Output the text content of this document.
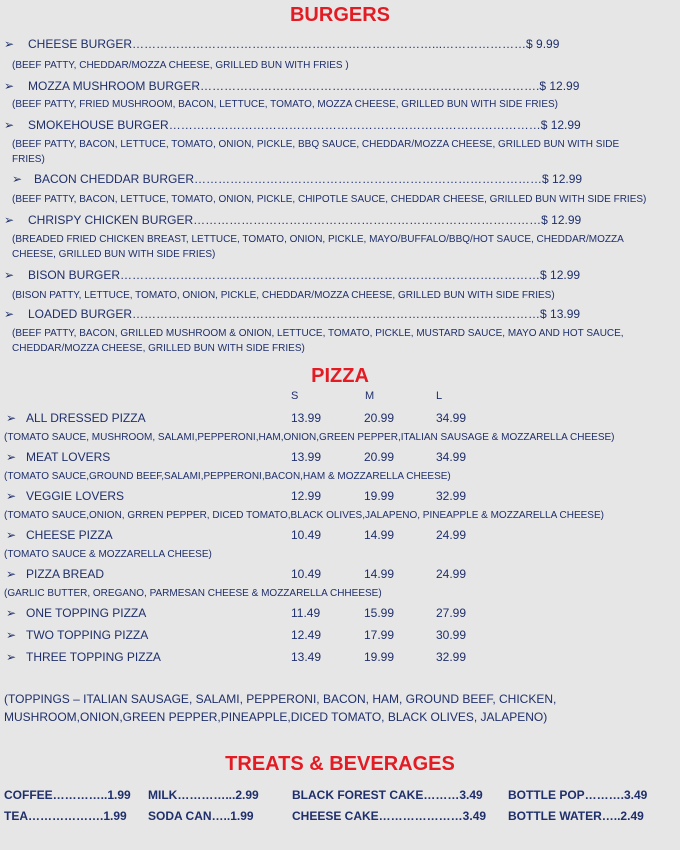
BURGERS
➢ CHEESE BURGER…………………………………………………………………...…………………$ 9.99
(BEEF PATTY, CHEDDAR/MOZZA CHEESE, GRILLED BUN WITH FRIES )
➢ MOZZA MUSHROOM BURGER………………………………………………………………………….$ 12.99
(BEEF PATTY, FRIED MUSHROOM, BACON, LETTUCE, TOMATO, MOZZA CHEESE, GRILLED BUN WITH SIDE FRIES)
➢ SMOKEHOUSE BURGER…………………………………………………………………………………$ 12.99
(BEEF PATTY, BACON, LETTUCE, TOMATO, ONION, PICKLE, BBQ SAUCE, CHEDDAR/MOZZA CHEESE, GRILLED BUN WITH SIDE FRIES)
➢ BACON CHEDDAR BURGER……………………………………………………………………………$ 12.99
(BEEF PATTY, BACON, LETTUCE, TOMATO, ONION, PICKLE, CHIPOTLE SAUCE, CHEDDAR CHEESE, GRILLED BUN WITH SIDE FRIES)
➢ CHRISPY CHICKEN BURGER……………………………………………………………………………$ 12.99
(BREADED FRIED CHICKEN BREAST, LETTUCE, TOMATO, ONION, PICKLE, MAYO/BUFFALO/BBQ/HOT SAUCE, CHEDDAR/MOZZA CHEESE, GRILLED BUN WITH SIDE FRIES)
➢ BISON BURGER……………………………………………………………………………………………$ 12.99
(BISON PATTY, LETTUCE, TOMATO, ONION, PICKLE, CHEDDAR/MOZZA CHEESE, GRILLED BUN WITH SIDE FRIES)
➢ LOADED BURGER…………………………………………………………………………………………$ 13.99
(BEEF PATTY, BACON, GRILLED MUSHROOM & ONION, LETTUCE, TOMATO, PICKLE, MUSTARD SAUCE, MAYO AND HOT SAUCE, CHEDDAR/MOZZA CHEESE, GRILLED BUN WITH SIDE FRIES)
PIZZA
S	M	L
➢ ALL DRESSED PIZZA	13.99	20.99	34.99
(TOMATO SAUCE, MUSHROOM, SALAMI,PEPPERONI,HAM,ONION,GREEN PEPPER,ITALIAN SAUSAGE & MOZZARELLA CHEESE)
➢ MEAT LOVERS	13.99	20.99	34.99
(TOMATO SAUCE,GROUND BEEF,SALAMI,PEPPERONI,BACON,HAM & MOZZARELLA CHEESE)
➢ VEGGIE LOVERS	12.99	19.99	32.99
(TOMATO SAUCE,ONION, GRREN PEPPER, DICED TOMATO,BLACK OLIVES,JALAPENO, PINEAPPLE & MOZZARELLA CHEESE)
➢ CHEESE PIZZA	10.49	14.99	24.99
(TOMATO SAUCE & MOZZARELLA CHEESE)
➢ PIZZA BREAD	10.49	14.99	24.99
(GARLIC BUTTER, OREGANO, PARMESAN CHEESE & MOZZARELLA CHHEESE)
➢ ONE TOPPING PIZZA	11.49	15.99	27.99
➢ TWO TOPPING PIZZA	12.49	17.99	30.99
➢ THREE TOPPING PIZZA	13.49	19.99	32.99
(TOPPINGS – ITALIAN SAUSAGE, SALAMI, PEPPERONI, BACON, HAM, GROUND BEEF, CHICKEN, MUSHROOM,ONION,GREEN PEPPER,PINEAPPLE,DICED TOMATO, BLACK OLIVES, JALAPENO)
TREATS & BEVERAGES
COFFEE…………..1.99 MILK…………...2.99	BLACK FOREST CAKE………3.49 BOTTLE POP……….3.49
TEA……………….1.99 SODA CAN…..1.99	CHEESE CAKE…………………3.49 BOTTLE WATER…..2.49
